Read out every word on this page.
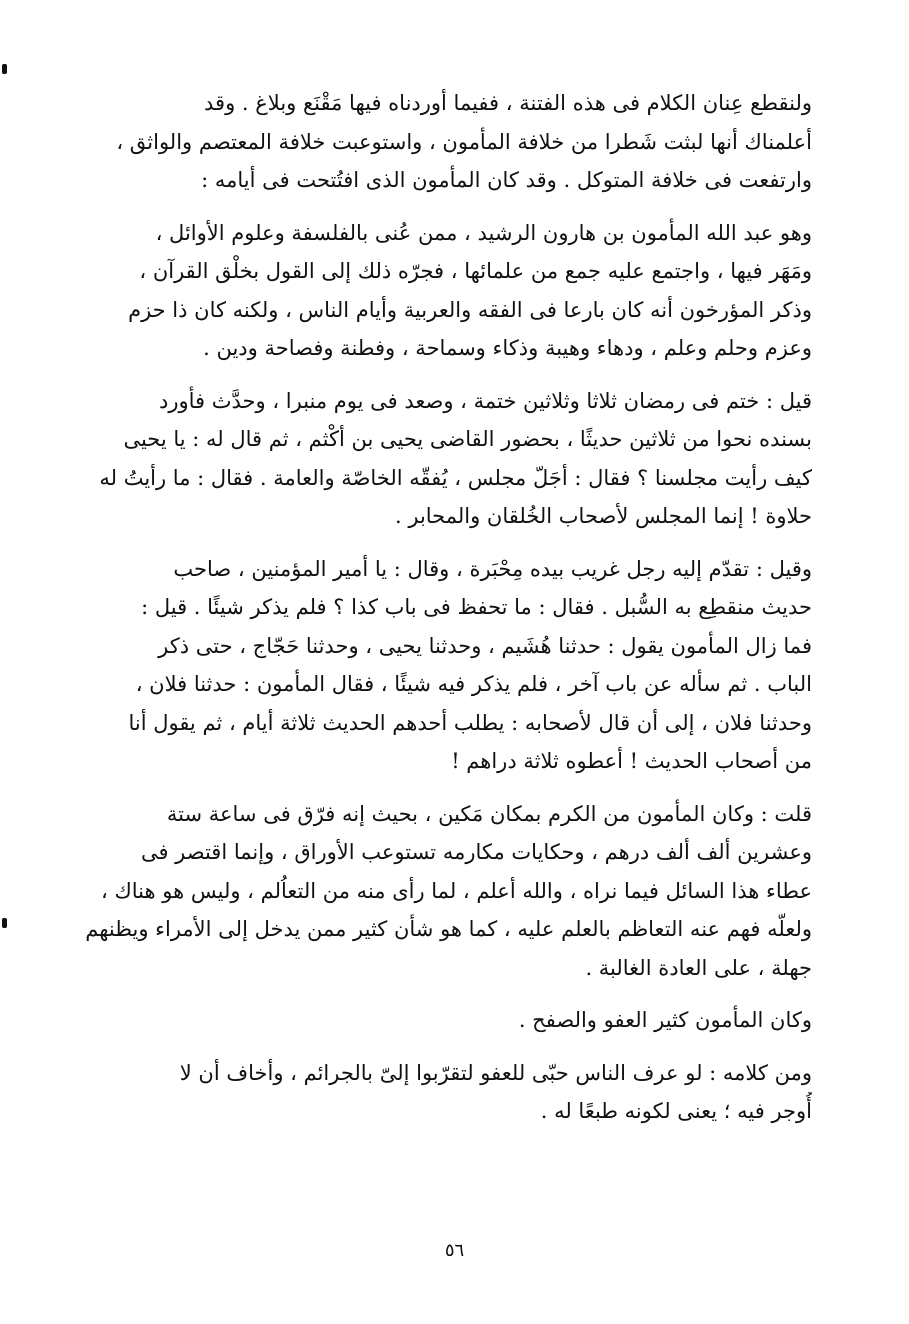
ولنقطع عِنان الكلام فى هذه الفتنة ، ففيما أوردناه فيها مَقْنَع وبلاغ . وقد
أعلمناك أنها لبثت شَطرا من خلافة المأمون ، واستوعبت خلافة المعتصم والواثق ،
وارتفعت فى خلافة المتوكل . وقد كان المأمون الذى افتُتحت فى أيامه :

وهو عبد الله المأمون بن هارون الرشيد ، ممن عُنى بالفلسفة وعلوم الأوائل ،
ومَهَر فيها ، واجتمع عليه جمع من علمائها ، فجرّه ذلك إلى القول بخلْق القرآن ،
وذكر المؤرخون أنه كان بارعا فى الفقه والعربية وأيام الناس ، ولكنه كان ذا حزم
وعزم وحلم وعلم ، ودهاء وهيبة وذكاء وسماحة ، وفطنة وفصاحة ودين .

قيل : ختم فى رمضان ثلاثا وثلاثين ختمة ، وصعد فى يوم منبرا ، وحدَّث فأورد
بسنده نحوا من ثلاثين حديثًا ، بحضور القاضى يحيى بن أكْثم ، ثم قال له : يا يحيى
كيف رأيت مجلسنا ؟ فقال : أجَلّ مجلس ، يُفقّه الخاصّة والعامة . فقال : ما رأيتُ له
حلاوة ! إنما المجلس لأصحاب الخُلقان والمحابر .

وقيل : تقدّم إليه رجل غريب بيده مِحْبَرة ، وقال : يا أمير المؤمنين ، صاحب
حديث منقطِع به السُّبل . فقال : ما تحفظ فى باب كذا ؟ فلم يذكر شيئًا . قيل :
فما زال المأمون يقول : حدثنا هُشَيم ، وحدثنا يحيى ، وحدثنا حَجّاج ، حتى ذكر
الباب . ثم سأله عن باب آخر ، فلم يذكر فيه شيئًا ، فقال المأمون : حدثنا فلان ،
وحدثنا فلان ، إلى أن قال لأصحابه : يطلب أحدهم الحديث ثلاثة أيام ، ثم يقول أنا
من أصحاب الحديث ! أعطوه ثلاثة دراهم !

قلت : وكان المأمون من الكرم بمكان مَكين ، بحيث إنه فرّق فى ساعة ستة
وعشرين ألف ألف درهم ، وحكايات مكارمه تستوعب الأوراق ، وإنما اقتصر فى
عطاء هذا السائل فيما نراه ، والله أعلم ، لما رأى منه من التعاُلم ، وليس هو هناك ،
ولعلّه فهم عنه التعاظم بالعلم عليه ، كما هو شأن كثير ممن يدخل إلى الأمراء ويظنهم
جهلة ، على العادة الغالبة .

وكان المأمون كثير العفو والصفح .

ومن كلامه : لو عرف الناس حبّى للعفو لتقرّبوا إلىّ بالجرائم ، وأخاف أن لا
أُوجر فيه ؛ يعنى لكونه طبعًا له .

٥٦
